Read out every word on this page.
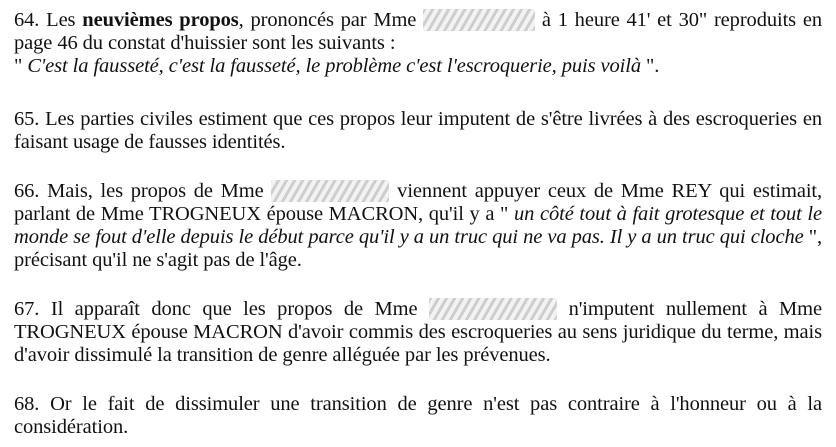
64. Les neuvièmes propos, prononcés par Mme	à 1 heure 41' et 30" reproduits en page 46 du constat d'huissier sont les suivants :
" C'est la fausseté, c'est la fausseté, le problème c'est l'escroquerie, puis voilà ".

65. Les parties civiles estiment que ces propos leur imputent de s'être livrées à des escroqueries en faisant usage de fausses identités.

66. Mais, les propos de Mme	viennent appuyer ceux de Mme REY qui estimait, parlant de Mme TROGNEUX épouse MACRON, qu'il y a " un côté tout à fait grotesque et tout le monde se fout d'elle depuis le début parce qu'il y a un truc qui ne va pas. Il y a un truc qui cloche ", précisant qu'il ne s'agit pas de l'âge.

67. Il apparaît donc que les propos de Mme	n'imputent nullement à Mme TROGNEUX épouse MACRON d'avoir commis des escroqueries au sens juridique du terme, mais d'avoir dissimulé la transition de genre alléguée par les prévenues.

68. Or le fait de dissimuler une transition de genre n'est pas contraire à l'honneur ou à la considération.
